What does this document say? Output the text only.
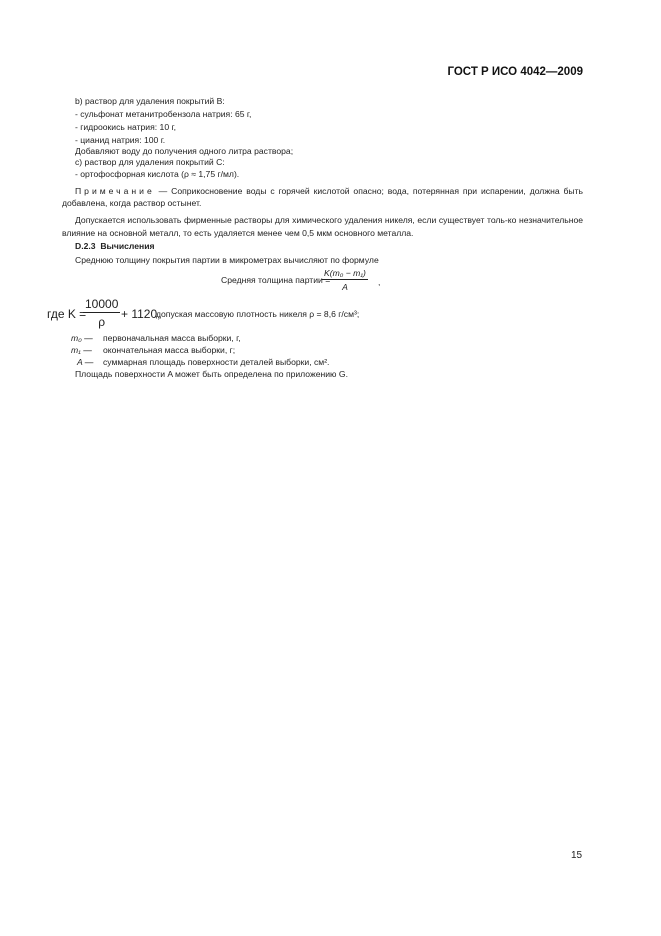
ГОСТ Р ИСО 4042—2009
b) раствор для удаления покрытий B:
- сульфонат метанитробензола натрия: 65 г,
- гидроокись натрия: 10 г,
- цианид натрия: 100 г.
Добавляют воду до получения одного литра раствора;
c) раствор для удаления покрытий С:
- ортофосфорная кислота (ρ ≈ 1,75 г/мл).
Примечание — Соприкосновение воды с горячей кислотой опасно; вода, потерянная при испарении, должна быть добавлена, когда раствор остынет.
Допускается использовать фирменные растворы для химического удаления никеля, если существует толь-ко незначительное влияние на основной металл, то есть удаляется менее чем 0,5 мкм основного металла.
D.2.3 Вычисления
Среднюю толщину покрытия партии в микрометрах вычисляют по формуле
Средняя толщина партии =
$\frac{\text{K(m₀ − m₁)}}{A}$ ,
где K =
$\frac{10000}{\rho} + 1120$,
допуская массовую плотность никеля ρ = 8,6 г/см³;
m₀ — первоначальная масса выборки, г,
m₁ — окончательная масса выборки, г;
A — суммарная площадь поверхности деталей выборки, см².
Площадь поверхности A может быть определена по приложению G.
15
